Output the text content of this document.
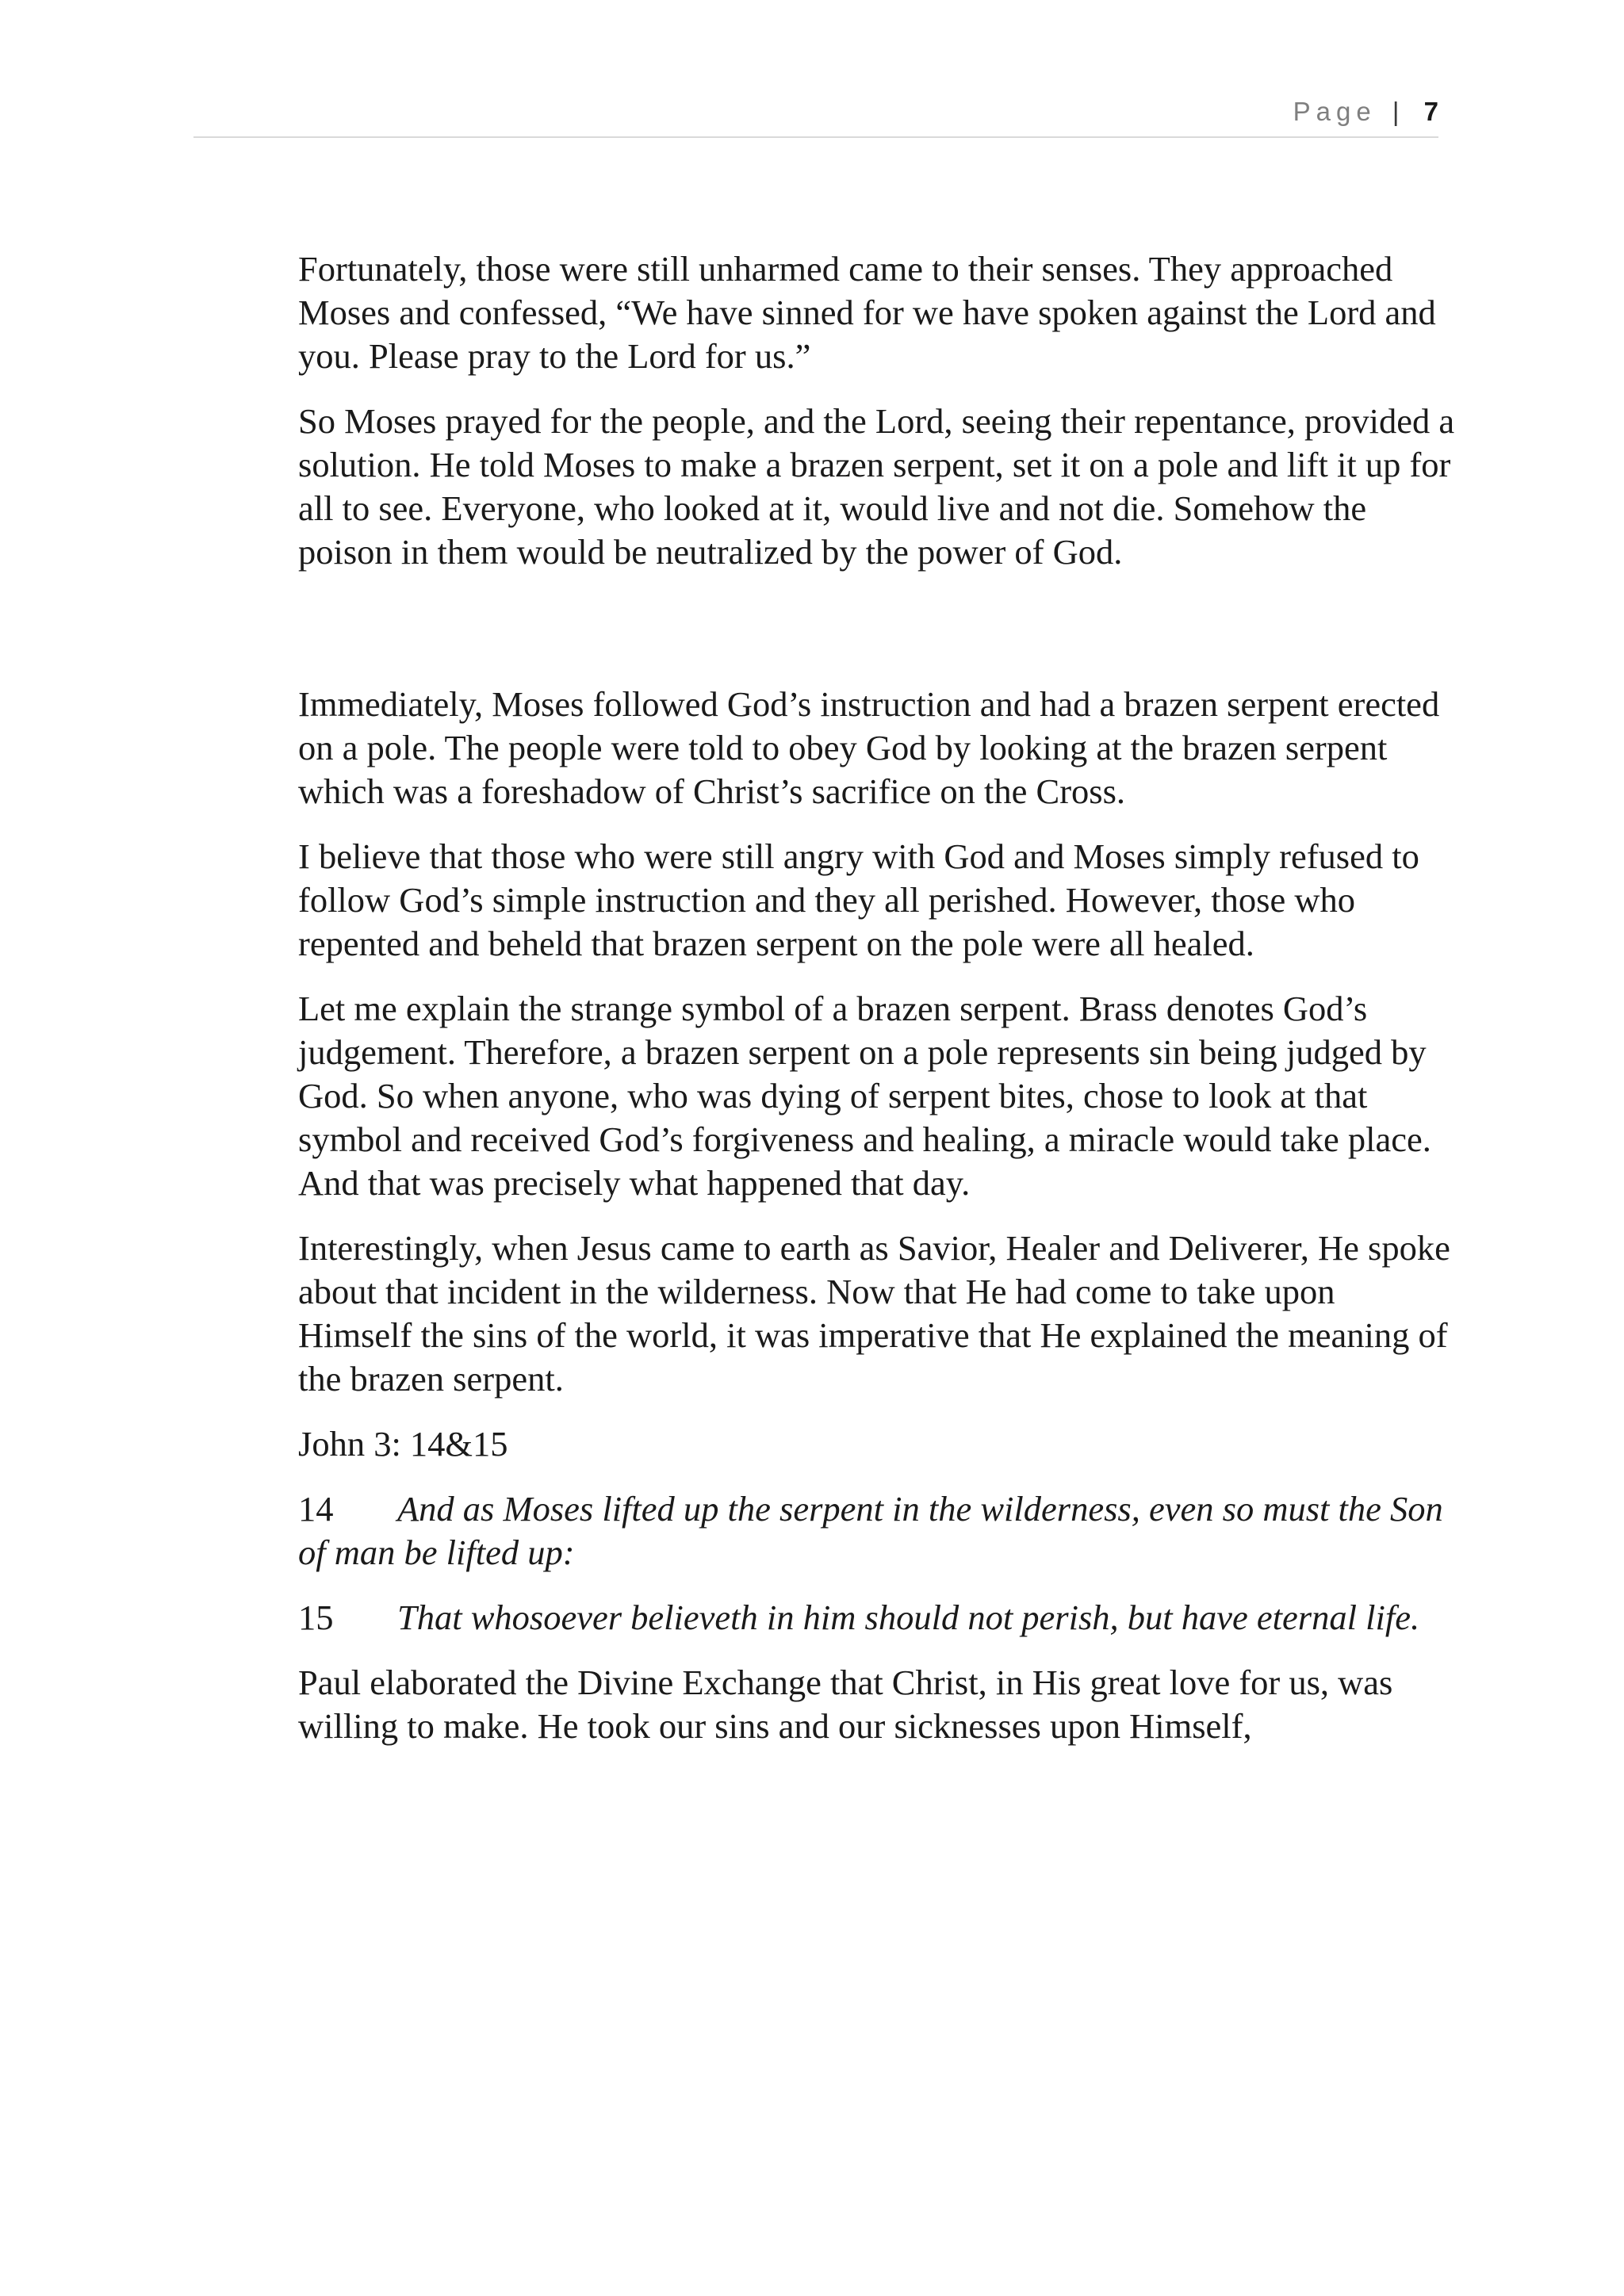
Page | 7

Fortunately, those were still unharmed came to their senses. They approached Moses and confessed, “We have sinned for we have spoken against the Lord and you. Please pray to the Lord for us.”

So Moses prayed for the people, and the Lord, seeing their repentance, provided a solution. He told Moses to make a brazen serpent, set it on a pole and lift it up for all to see. Everyone, who looked at it, would live and not die. Somehow the poison in them would be neutralized by the power of God.

Immediately, Moses followed God’s instruction and had a brazen serpent erected on a pole. The people were told to obey God by looking at the brazen serpent which was a foreshadow of Christ’s sacrifice on the Cross.

I believe that those who were still angry with God and Moses simply refused to follow God’s simple instruction and they all perished. However, those who repented and beheld that brazen serpent on the pole were all healed.

Let me explain the strange symbol of a brazen serpent. Brass denotes God’s judgement. Therefore, a brazen serpent on a pole represents sin being judged by God. So when anyone, who was dying of serpent bites, chose to look at that symbol and received God’s forgiveness and healing, a miracle would take place. And that was precisely what happened that day.

Interestingly, when Jesus came to earth as Savior, Healer and Deliverer, He spoke about that incident in the wilderness. Now that He had come to take upon Himself the sins of the world, it was imperative that He explained the meaning of the brazen serpent.

John 3: 14&15

14 And as Moses lifted up the serpent in the wilderness, even so must the Son of man be lifted up:

15 That whosoever believeth in him should not perish, but have eternal life.

Paul elaborated the Divine Exchange that Christ, in His great love for us, was willing to make. He took our sins and our sicknesses upon Himself,
